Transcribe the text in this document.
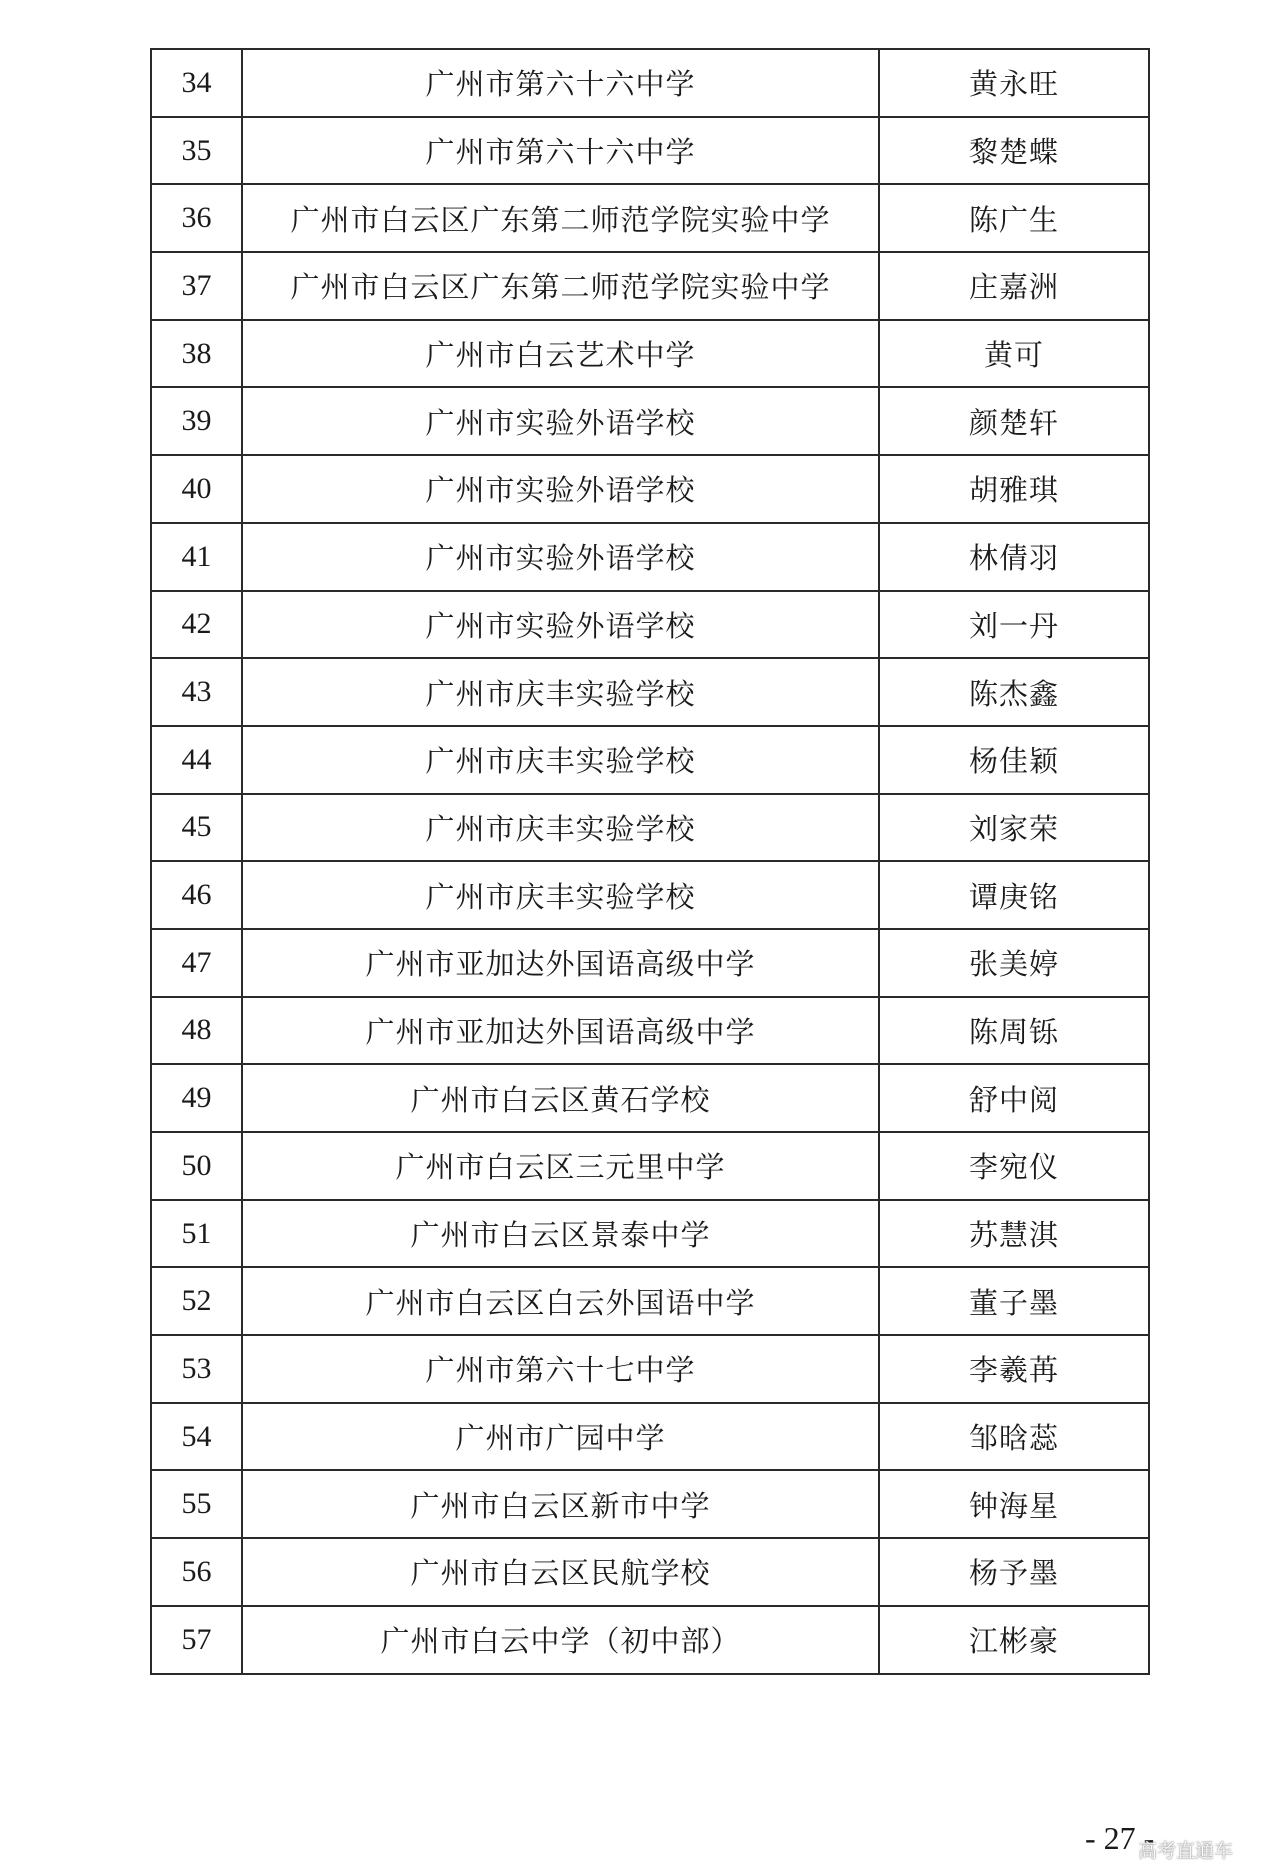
34	广州市第六十六中学	黄永旺
35	广州市第六十六中学	黎楚蝶
36	广州市白云区广东第二师范学院实验中学	陈广生
37	广州市白云区广东第二师范学院实验中学	庄嘉洲
38	广州市白云艺术中学	黄可
39	广州市实验外语学校	颜楚轩
40	广州市实验外语学校	胡雅琪
41	广州市实验外语学校	林倩羽
42	广州市实验外语学校	刘一丹
43	广州市庆丰实验学校	陈杰鑫
44	广州市庆丰实验学校	杨佳颖
45	广州市庆丰实验学校	刘家荣
46	广州市庆丰实验学校	谭庚铭
47	广州市亚加达外国语高级中学	张美婷
48	广州市亚加达外国语高级中学	陈周铄
49	广州市白云区黄石学校	舒中阅
50	广州市白云区三元里中学	李宛仪
51	广州市白云区景泰中学	苏慧淇
52	广州市白云区白云外国语中学	董子墨
53	广州市第六十七中学	李羲苒
54	广州市广园中学	邹晗蕊
55	广州市白云区新市中学	钟海星
56	广州市白云区民航学校	杨予墨
57	广州市白云中学（初中部）	江彬豪
- 27 -
高考直通车
